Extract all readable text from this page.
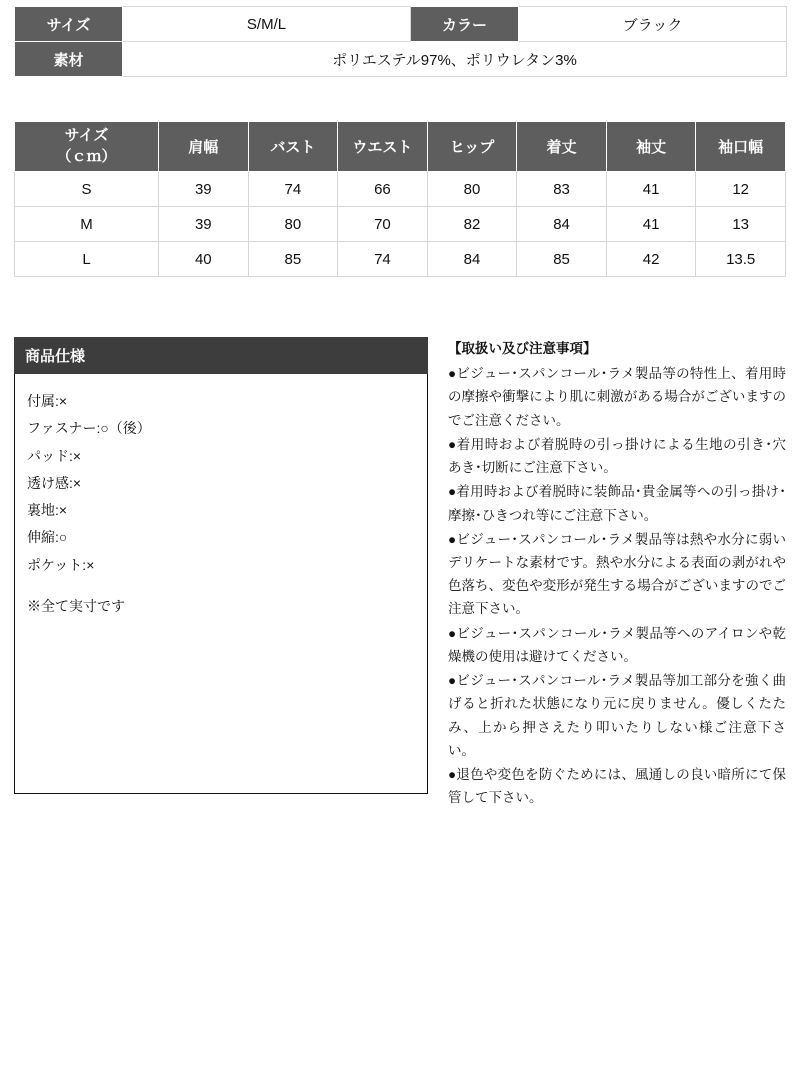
サイズ	S/M/L	カラー	ブラック
素材	ポリエステル97%、ポリウレタン3%		
サイズ
（ｃｍ）	肩幅	バスト	ウエスト	ヒップ	着丈	袖丈	袖口幅
S	39	74	66	80	83	41	12
M	39	80	70	82	84	41	13
L	40	85	74	84	85	42	13.5
商品仕様
付属:×
ファスナー:○（後）
パッド:×
透け感:×
裏地:×
伸縮:○
ポケット:×
※全て実寸です
【取扱い及び注意事項】

●ビジュー･スパンコール･ラメ製品等の特性上、着用時の摩擦や衝撃により肌に刺激がある場合がございますのでご注意ください。

●着用時および着脱時の引っ掛けによる生地の引き･穴あき･切断にご注意下さい。

●着用時および着脱時に装飾品･貴金属等への引っ掛け･摩擦･ひきつれ等にご注意下さい。

●ビジュー･スパンコール･ラメ製品等は熱や水分に弱いデリケートな素材です。熱や水分による表面の剥がれや色落ち、変色や変形が発生する場合がございますのでご注意下さい。

●ビジュー･スパンコール･ラメ製品等へのアイロンや乾燥機の使用は避けてください。

●ビジュー･スパンコール･ラメ製品等加工部分を強く曲げると折れた状態になり元に戻りません。優しくたたみ、上から押さえたり叩いたりしない様ご注意下さい。

●退色や変色を防ぐためには、風通しの良い暗所にて保管して下さい。
